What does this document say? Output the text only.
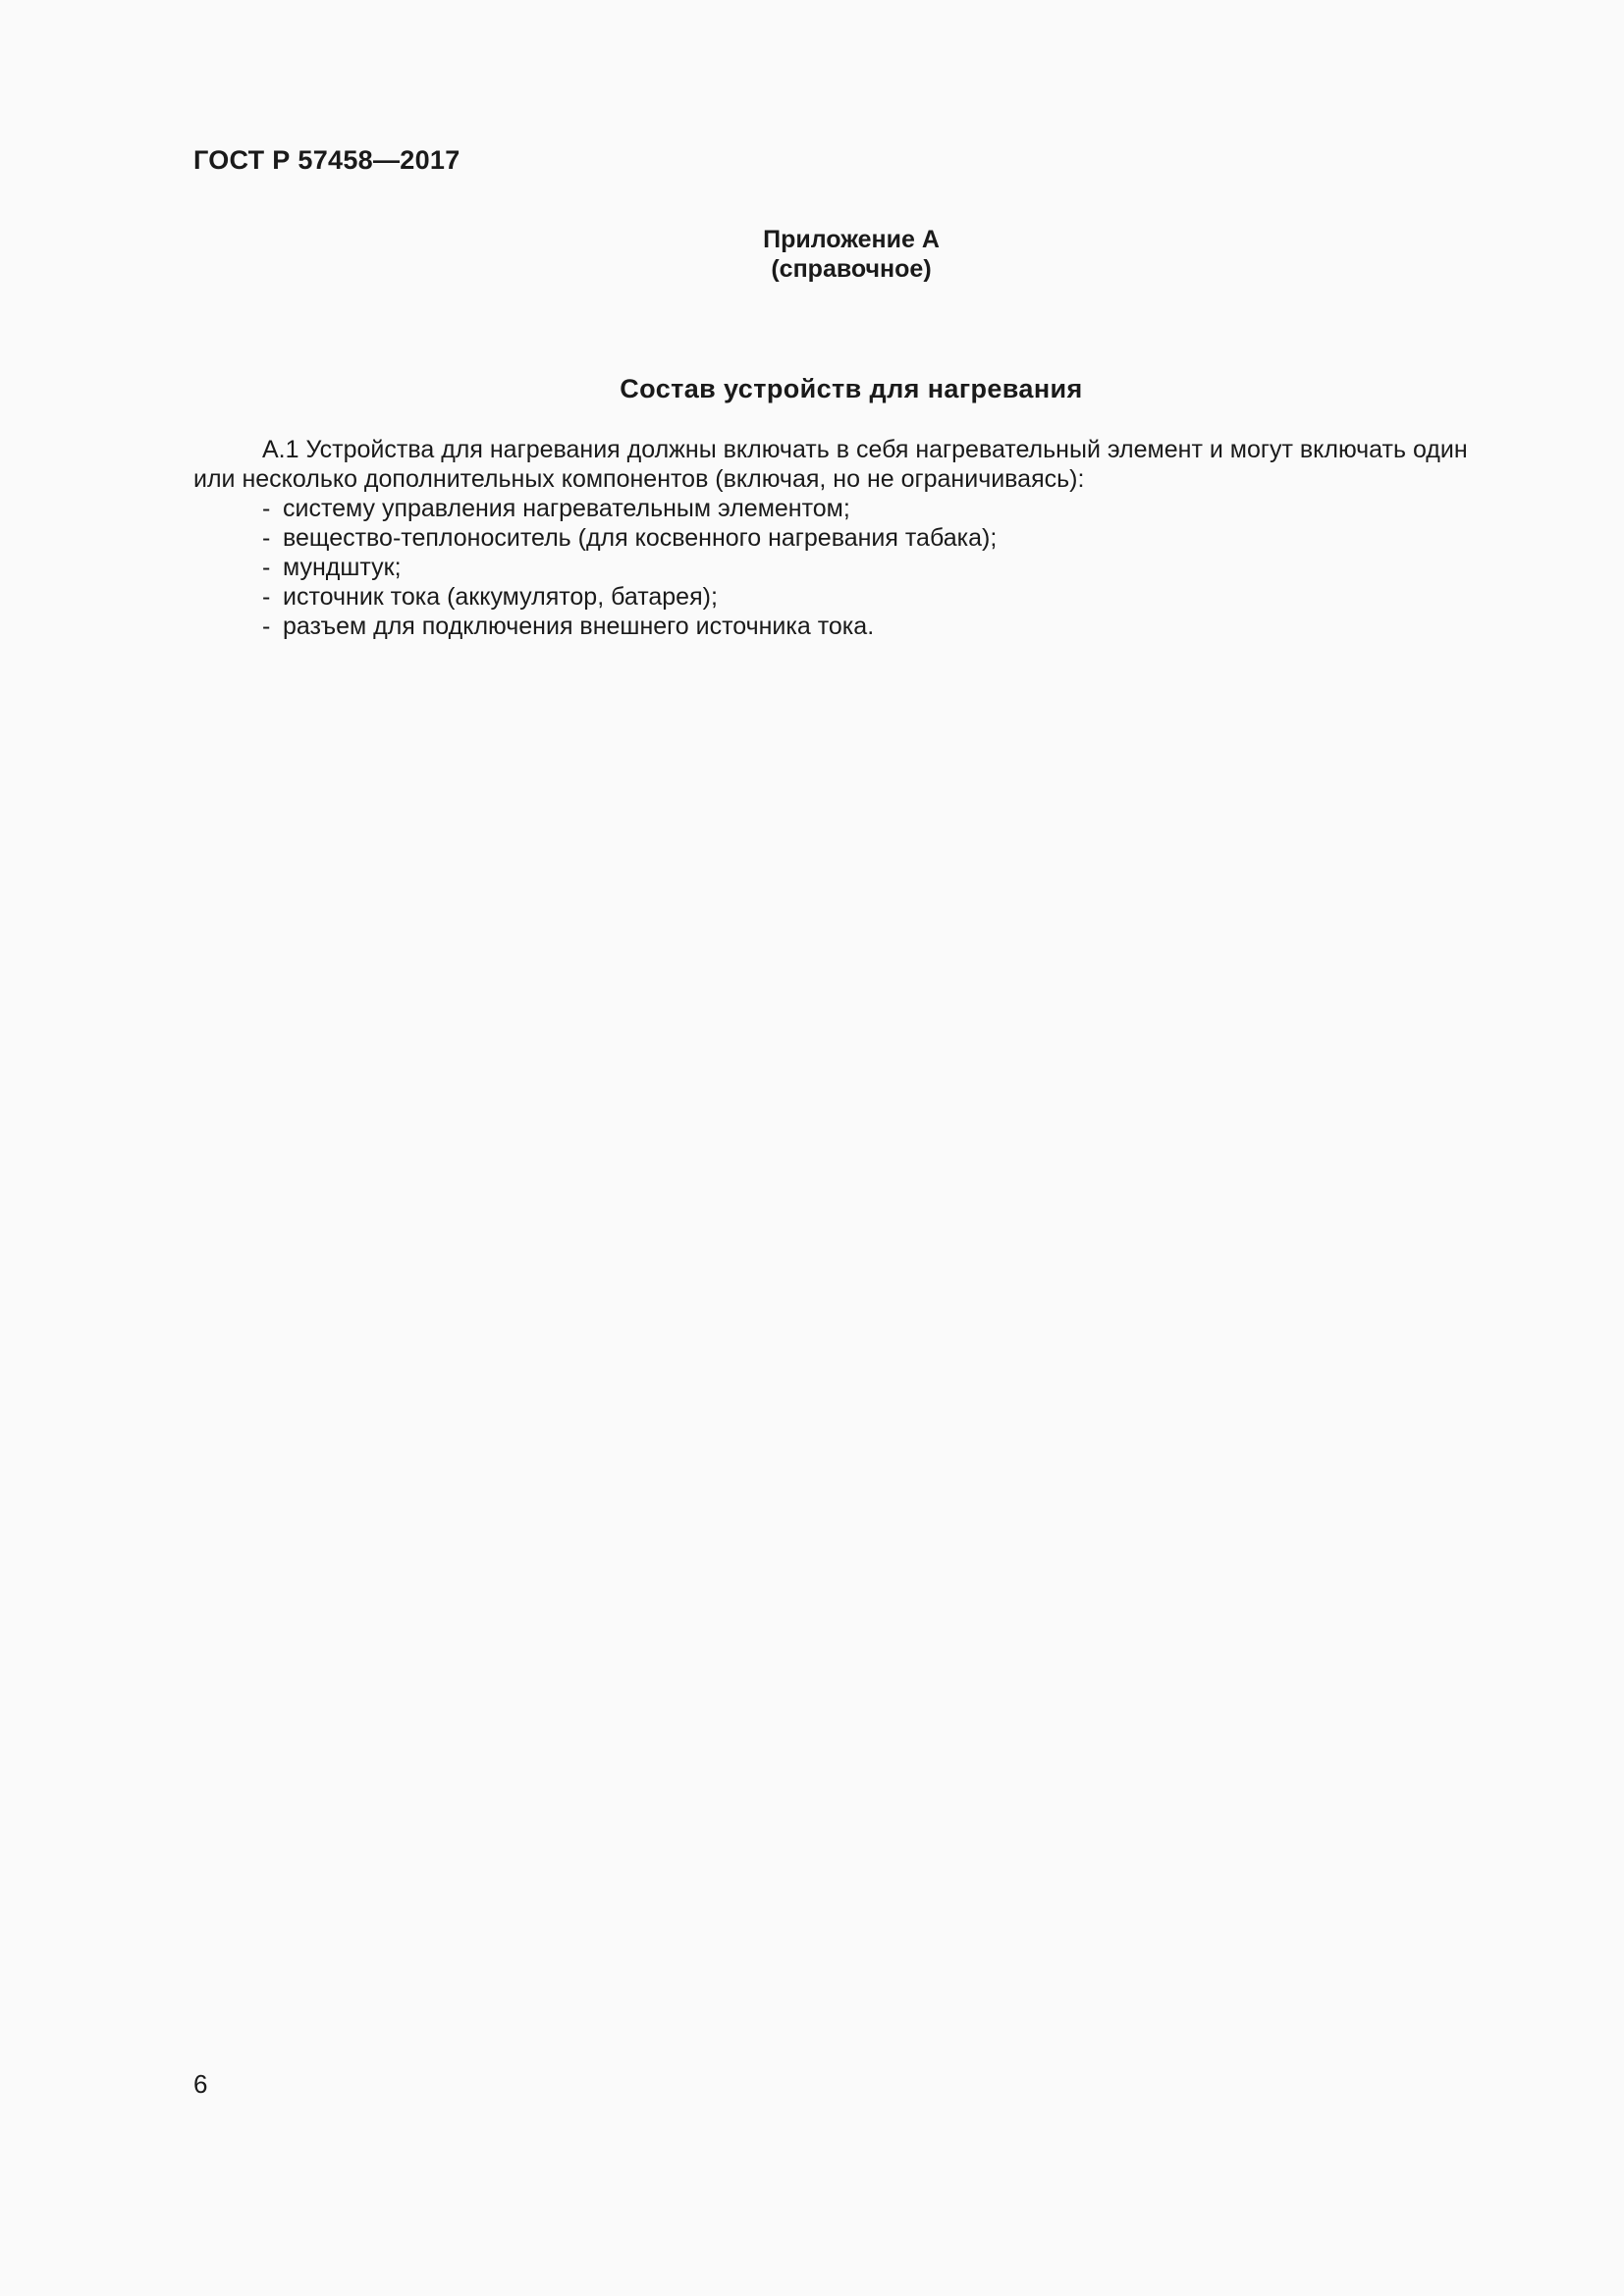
ГОСТ Р 57458—2017
Приложение А
(справочное)
Состав устройств для нагревания

А.1 Устройства для нагревания должны включать в себя нагревательный элемент и могут включать один или несколько дополнительных компонентов (включая, но не ограничиваясь):

- систему управления нагревательным элементом;
- вещество-теплоноситель (для косвенного нагревания табака);
- мундштук;
- источник тока (аккумулятор, батарея);
- разъем для подключения внешнего источника тока.
6
